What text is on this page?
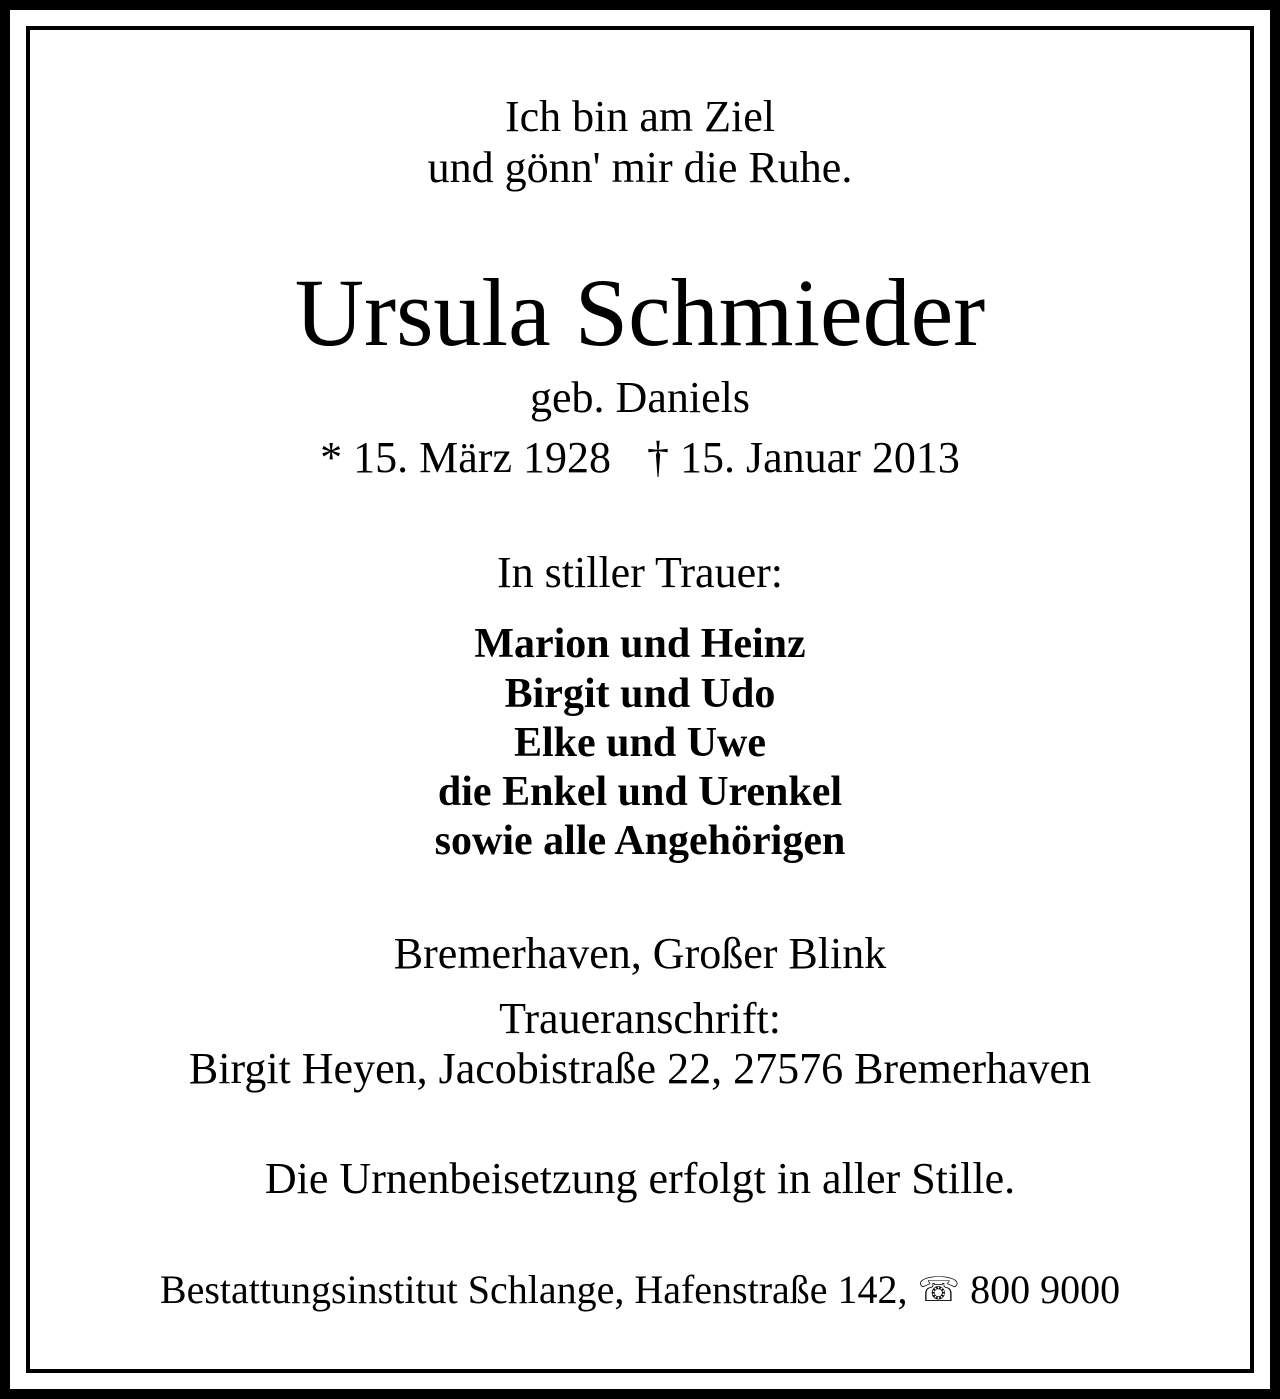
Ich bin am Ziel
und gönn' mir die Ruhe.
Ursula Schmieder
geb. Daniels
* 15. März 1928 † 15. Januar 2013
In stiller Trauer:
Marion und Heinz
Birgit und Udo
Elke und Uwe
die Enkel und Urenkel
sowie alle Angehörigen
Bremerhaven, Großer Blink
Traueranschrift:
Birgit Heyen, Jacobistraße 22, 27576 Bremerhaven
Die Urnenbeisetzung erfolgt in aller Stille.
Bestattungsinstitut Schlange, Hafenstraße 142, ☏ 800 9000
